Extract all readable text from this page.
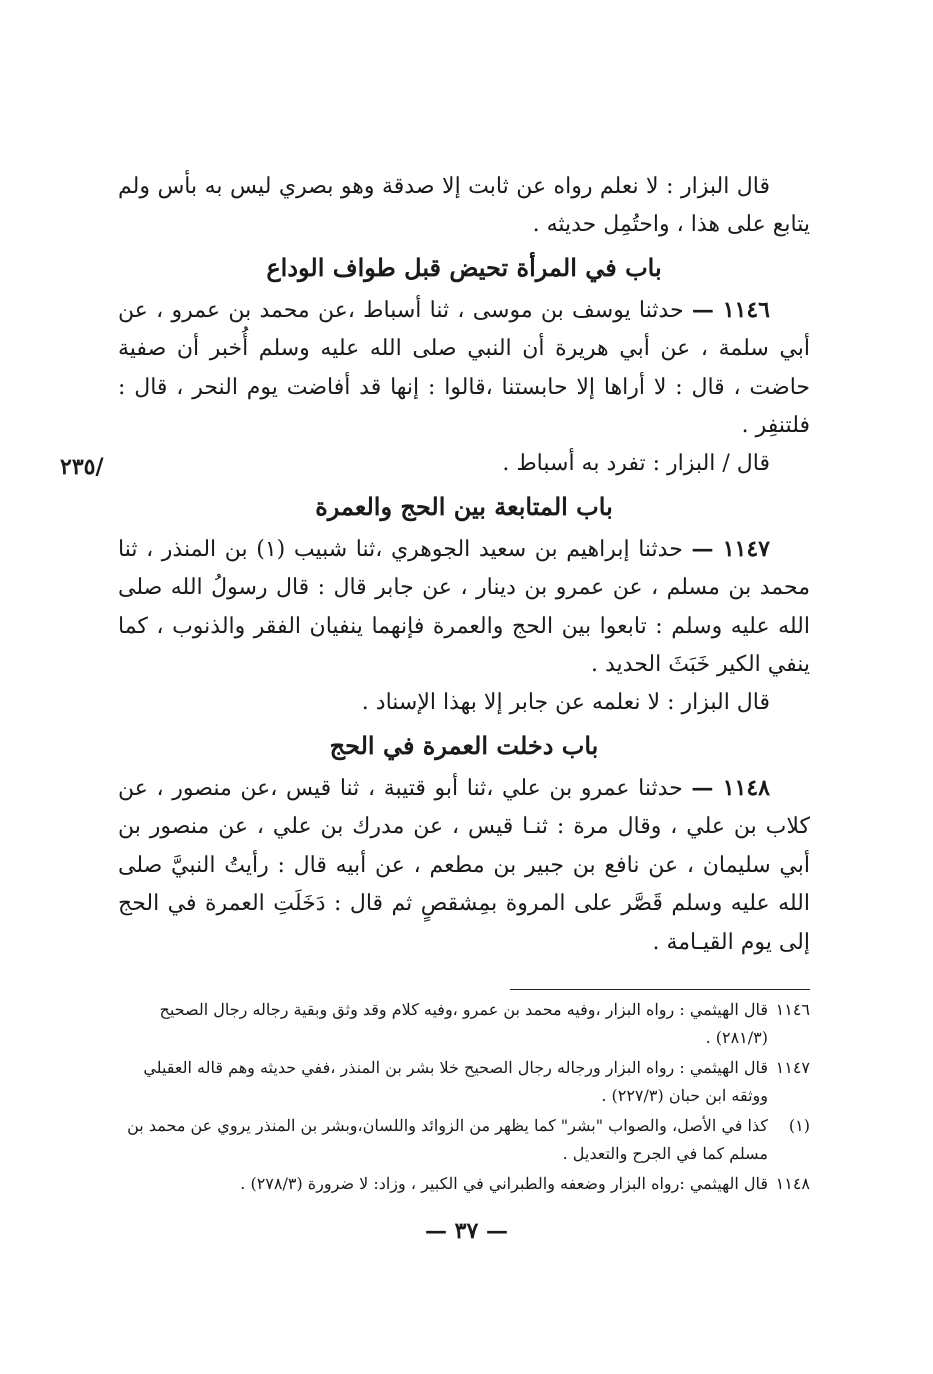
قال البزار : لا نعلم رواه عن ثابت إلا صدقة وهو بصري ليس به بأس ولم يتابع على هذا ، واحتُمِل حديثه .

باب في المرأة تحيض قبل طواف الوداع

١١٤٦ — حدثنا يوسف بن موسى ، ثنا أسباط ،عن محمد بن عمرو ، عن أبي سلمة ، عن أبي هريرة أن النبي صلى الله عليه وسلم أُخبر أن صفية حاضت ، قال : لا أراها إلا حابستنا ،قالوا : إنها قد أفاضت يوم النحر ، قال : فلتنفِر .

قال / البزار : تفرد به أسباط .

باب المتابعة بين الحج والعمرة

١١٤٧ — حدثنا إبراهيم بن سعيد الجوهري ،ثنا شبيب (١) بن المنذر ، ثنا محمد بن مسلم ، عن عمرو بن دينار ، عن جابر قال : قال رسولُ الله صلى الله عليه وسلم : تابعوا بين الحج والعمرة فإنهما ينفيان الفقر والذنوب ، كما ينفي الكير خَبَثَ الحديد .

قال البزار : لا نعلمه عن جابر إلا بهذا الإسناد .

باب دخلت العمرة في الحج

١١٤٨ — حدثنا عمرو بن علي ،ثنا أبو قتيبة ، ثنا قيس ،عن منصور ، عن كلاب بن علي ، وقال مرة : ثنـا قيس ، عن مدرك بن علي ، عن منصور بن أبي سليمان ، عن نافع بن جبير بن مطعم ، عن أبيه قال : رأيتُ النبيَّ صلى الله عليه وسلم قَصَّر على المروة بمِشقصٍ ثم قال : دَخَلَتِ العمرة في الحج إلى يوم القيـامة .

/٢٣٥
١١٤٦
قال الهيثمي : رواه البزار ،وفيه محمد بن عمرو ،وفيه كلام وقد وثق وبقية رجاله رجال الصحيح (٢٨١/٣) .
١١٤٧
قال الهيثمي : رواه البزار ورجاله رجال الصحيح خلا بشر بن المنذر ،ففي حديثه وهم قاله العقيلي ووثقه ابن حبان (٢٢٧/٣) .
(١)
كذا في الأصل، والصواب "بشر" كما يظهر من الزوائد واللسان،وبشر بن المنذر يروي عن محمد بن مسلم كما في الجرح والتعديل .
١١٤٨
قال الهيثمي :رواه البزار وضعفه والطبراني في الكبير ، وزاد: لا ضرورة (٢٧٨/٣) .
— ٣٧ —
